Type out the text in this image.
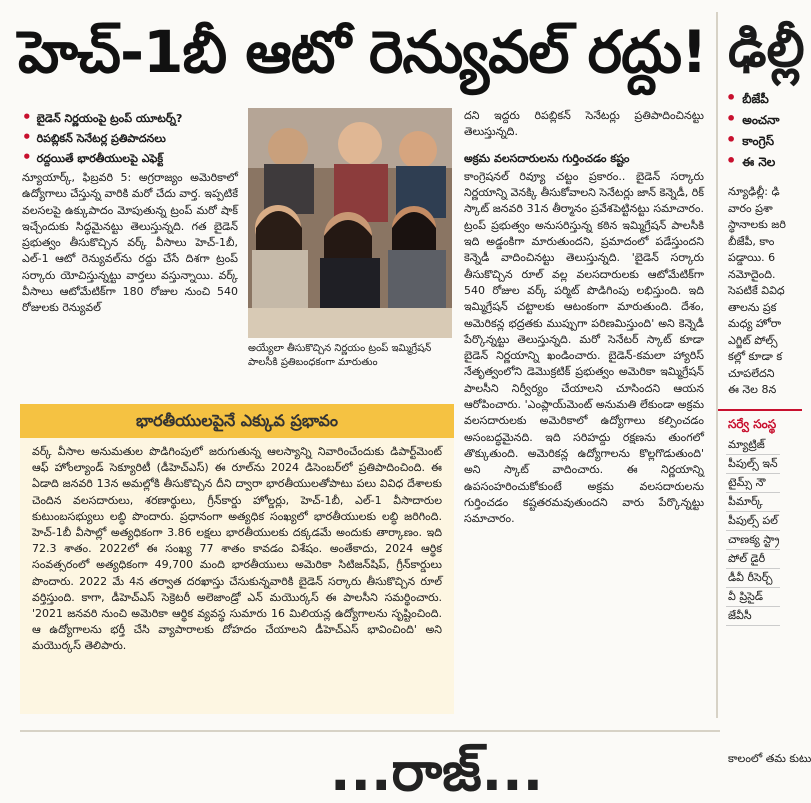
హెచ్-1బీ ఆటో రెన్యువల్ రద్దు!
• బైడెన్ నిర్ణయంపై ట్రంప్ యూటర్న్?
• రిపబ్లికన్ సెనేటర్ల ప్రతిపాదనలు
• రద్దయితే భారతీయులపై ఎఫెక్ట్

న్యూయార్క్, ఫిబ్రవరి 5: అగ్రరాజ్యం అమెరికాలో ఉద్యోగాలు చేస్తున్న వారికి మరో చేదు వార్త. ఇప్పటికే వలసలపై ఉక్కుపాదం మోపుతున్న ట్రంప్ మరో షాక్ ఇచ్చేందుకు సిద్ధమైనట్టు తెలుస్తున్నది. గత బైడెన్ ప్రభుత్వం తీసుకొచ్చిన వర్క్ వీసాలు హెచ్-1బీ, ఎల్-1 ఆటో రెన్యువల్‌ను రద్దు చేసే దిశగా ట్రంప్ సర్కారు యోచిస్తున్నట్టు వార్తలు వస్తున్నాయి. వర్క్ వీసాలు ఆటోమేటిక్‌గా 180 రోజుల నుంచి 540 రోజులకు రెన్యువల్

అయ్యేలా తీసుకొచ్చిన నిర్ణయం ట్రంప్ ఇమ్మిగ్రేషన్ పాలసీకి ప్రతిబంధకంగా మారుతుం

దని ఇద్దరు రిపబ్లికన్ సెనేటర్లు ప్రతిపాదించినట్టు తెలుస్తున్నది.

అక్రమ వలసదారులను గుర్తించడం కష్టం

కాంగ్రెషనల్ రివ్యూ చట్టం ప్రకారం.. బైడెన్ సర్కారు నిర్ణయాన్ని వెనక్కి తీసుకోవాలని సెనేటర్లు జాన్ కెన్నెడీ, రిక్ స్కాట్ జనవరి 31న తీర్మానం ప్రవేశపెట్టినట్టు సమాచారం. ట్రంప్ ప్రభుత్వం అనుసరిస్తున్న కఠిన ఇమ్మిగ్రేషన్ పాలసీకి ఇది అడ్డంకిగా మారుతుందని, ప్రమాదంలో పడేస్తుందని కెన్నెడీ వాదించినట్టు తెలుస్తున్నది. 'బైడెన్ సర్కారు తీసుకొచ్చిన రూల్ వల్ల వలసదారులకు ఆటోమేటిక్‌గా 540 రోజుల వర్క్ పర్మిట్ పొడిగింపు లభిస్తుంది. ఇది ఇమ్మిగ్రేషన్ చట్టాలకు ఆటంకంగా మారుతుంది. దేశం, అమెరికన్ల భద్రతకు ముప్పుగా పరిణమిస్తుంది' అని కెన్నెడీ పేర్కొన్నట్టు తెలుస్తున్నది. మరో సెనేటర్ స్కాట్ కూడా బైడెన్ నిర్ణయాన్ని ఖండించారు. బైడెన్-కమలా హ్యారిస్ నేతృత్వంలోని డెమొక్రటిక్ ప్రభుత్వం అమెరికా ఇమ్మిగ్రేషన్ పాలసీని నిర్వీర్యం చేయాలని చూసిందని ఆయన ఆరోపించారు. 'ఎంప్లాయ్‌మెంట్ అనుమతి లేకుండా అక్రమ వలసదారులకు అమెరికాలో ఉద్యోగాలు కల్పించడం అసంబద్ధమైనది. ఇది సరిహద్దు రక్షణను తుంగలో తొక్కుతుంది. అమెరికన్ల ఉద్యోగాలను కొల్లగొడుతుంది' అని స్కాట్ వాదించారు. ఈ నిర్ణయాన్ని ఉపసంహరించుకోకుంటే అక్రమ వలసదారులను గుర్తించడం కష్టతరమవుతుందని వారు పేర్కొన్నట్టు సమాచారం.

భారతీయులపైనే ఎక్కువ ప్రభావం
వర్క్ వీసాల అనుమతుల పొడిగింపులో జరుగుతున్న ఆలస్యాన్ని నివారించేందుకు డిపార్ట్‌మెంట్ ఆఫ్ హోంల్యాండ్ సెక్యూరిటీ (డీహెచ్‌ఎస్) ఈ రూల్‌ను 2024 డిసెంబర్‌లో ప్రతిపాదించింది. ఈ ఏడాది జనవరి 13న అమల్లోకి తీసుకొచ్చిన దీని ద్వారా భారతీయులతోపాటు పలు వివిధ దేశాలకు చెందిన వలసదారులు, శరణార్థులు, గ్రీన్‌కార్డు హోల్డర్లు, హెచ్-1బీ, ఎల్-1 వీసాదారుల కుటుంబసభ్యులు లబ్ధి పొందారు. ప్రధానంగా అత్యధిక సంఖ్యలో భారతీయులకు లబ్ధి జరిగింది. హెచ్-1బీ వీసాల్లో అత్యధికంగా 3.86 లక్షలు భారతీయులకు దక్కడమే అందుకు తార్కాణం. ఇది 72.3 శాతం. 2022లో ఈ సంఖ్య 77 శాతం కావడం విశేషం. అంతేకాదు, 2024 ఆర్థిక సంవత్సరంలో అత్యధికంగా 49,700 మంది భారతీయులు అమెరికా సిటిజన్‌షిప్, గ్రీన్‌కార్డులు పొందారు. 2022 మే 4న తర్వాత దరఖాస్తు చేసుకున్నవారికి బైడెన్ సర్కారు తీసుకొచ్చిన రూల్ వర్తిస్తుంది. కాగా, డీహెచ్‌ఎస్ సెక్రెటరీ అలెజాండ్రో ఎన్ మయొర్కస్ ఈ పాలసీని సమర్థించారు. '2021 జనవరి నుంచి అమెరికా ఆర్థిక వ్యవస్థ సుమారు 16 మిలియన్ల ఉద్యోగాలను సృష్టించింది. ఆ ఉద్యోగాలను భర్తీ చేసి వ్యాపారాలకు దోహదం చేయాలని డీహెచ్‌ఎస్ భావించింది' అని మయొర్కస్ తెలిపారు.
ఢిల్లీ
• బీజేపీ
• అంచనా
• కాంగ్రెస్
• ఈ నెల

న్యూఢిల్లీ: ఢి

వారం ప్రశా

స్థానాలకు జరి

బీజేపీ, కాం

పడ్డాయి. 6

నమోదైంది.

సెపటికే వివిధ

తాలను ప్రక

మధ్య హోరా

ఎగ్జిట్ పోల్స్

కల్లో కూడా క

చూపలేదని

ఈ నెల 8న

సర్వే సంస్థ
మ్యాట్రిజ్
పీపుల్స్ ఇన్
టైమ్స్ నౌ
పీమార్క్
పీపుల్స్ పల్
చాణక్య స్ట్రా
పోల్ డైరీ
డీవీ రీసెర్చ్
వీ ప్రిసైడ్
జేవీసీ
...రాజ్...	కాలంలో తమ కుటు
